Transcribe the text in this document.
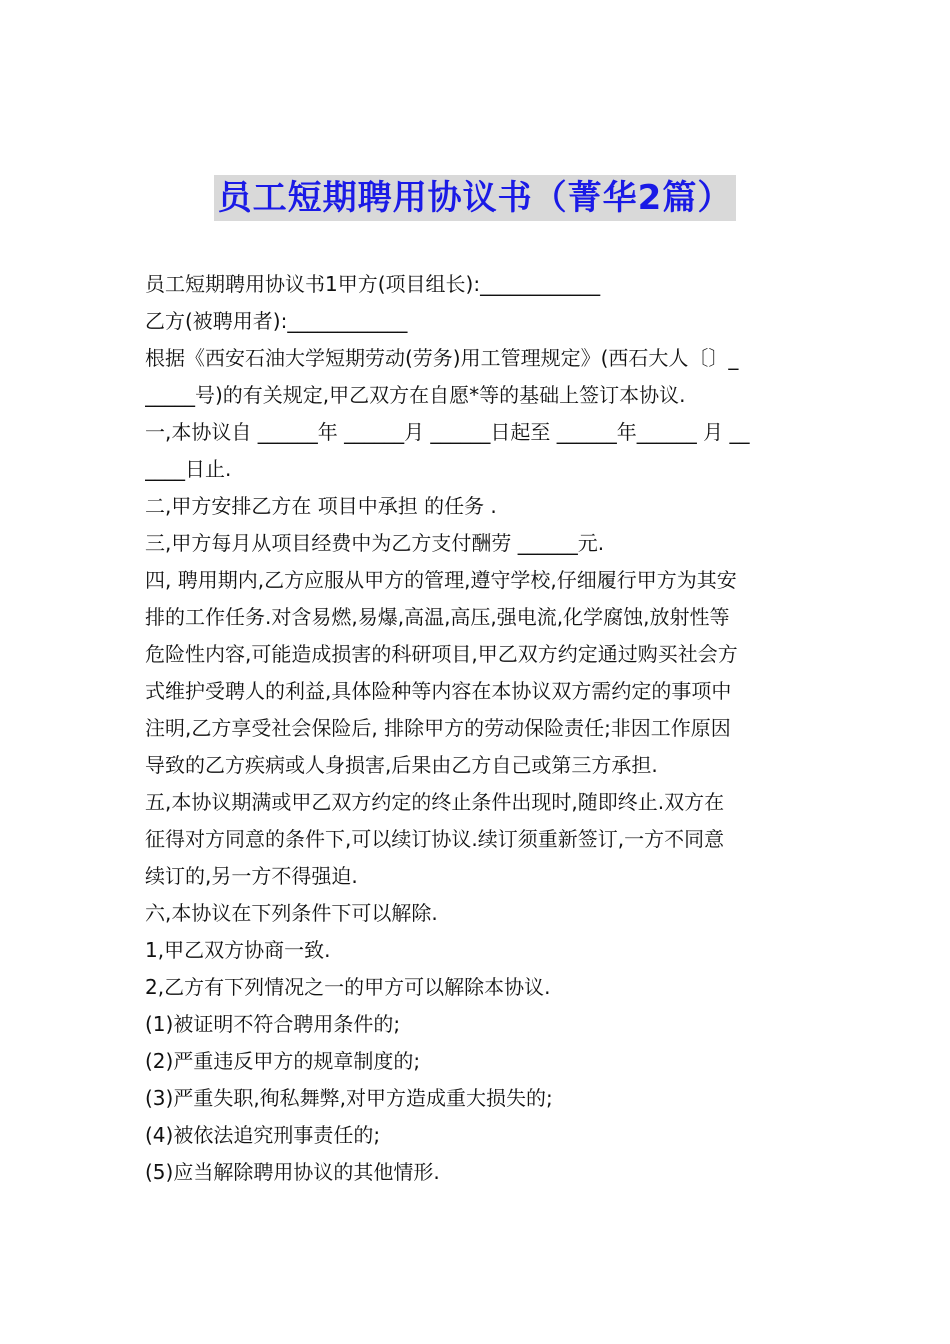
员工短期聘用协议书（菁华2篇）
员工短期聘用协议书1甲方(项目组长):____________
乙方(被聘用者):____________
根据《西安石油大学短期劳动(劳务)用工管理规定》(西石大人〔〕_
_____号)的有关规定,甲乙双方在自愿*等的基础上签订本协议.
一,本协议自 ______年 ______月 ______日起至 ______年______ 月 __
____日止.
二,甲方安排乙方在 项目中承担 的任务 .
三,甲方每月从项目经费中为乙方支付酬劳 ______元.
四, 聘用期内,乙方应服从甲方的管理,遵守学校,仔细履行甲方为其安
排的工作任务.对含易燃,易爆,高温,高压,强电流,化学腐蚀,放射性等
危险性内容,可能造成损害的科研项目,甲乙双方约定通过购买社会方
式维护受聘人的利益,具体险种等内容在本协议双方需约定的事项中
注明,乙方享受社会保险后, 排除甲方的劳动保险责任;非因工作原因
导致的乙方疾病或人身损害,后果由乙方自己或第三方承担.
五,本协议期满或甲乙双方约定的终止条件出现时,随即终止.双方在
征得对方同意的条件下,可以续订协议.续订须重新签订,一方不同意
续订的,另一方不得强迫.
六,本协议在下列条件下可以解除.
1,甲乙双方协商一致.
2,乙方有下列情况之一的甲方可以解除本协议.
(1)被证明不符合聘用条件的;
(2)严重违反甲方的规章制度的;
(3)严重失职,徇私舞弊,对甲方造成重大损失的;
(4)被依法追究刑事责任的;
(5)应当解除聘用协议的其他情形.
